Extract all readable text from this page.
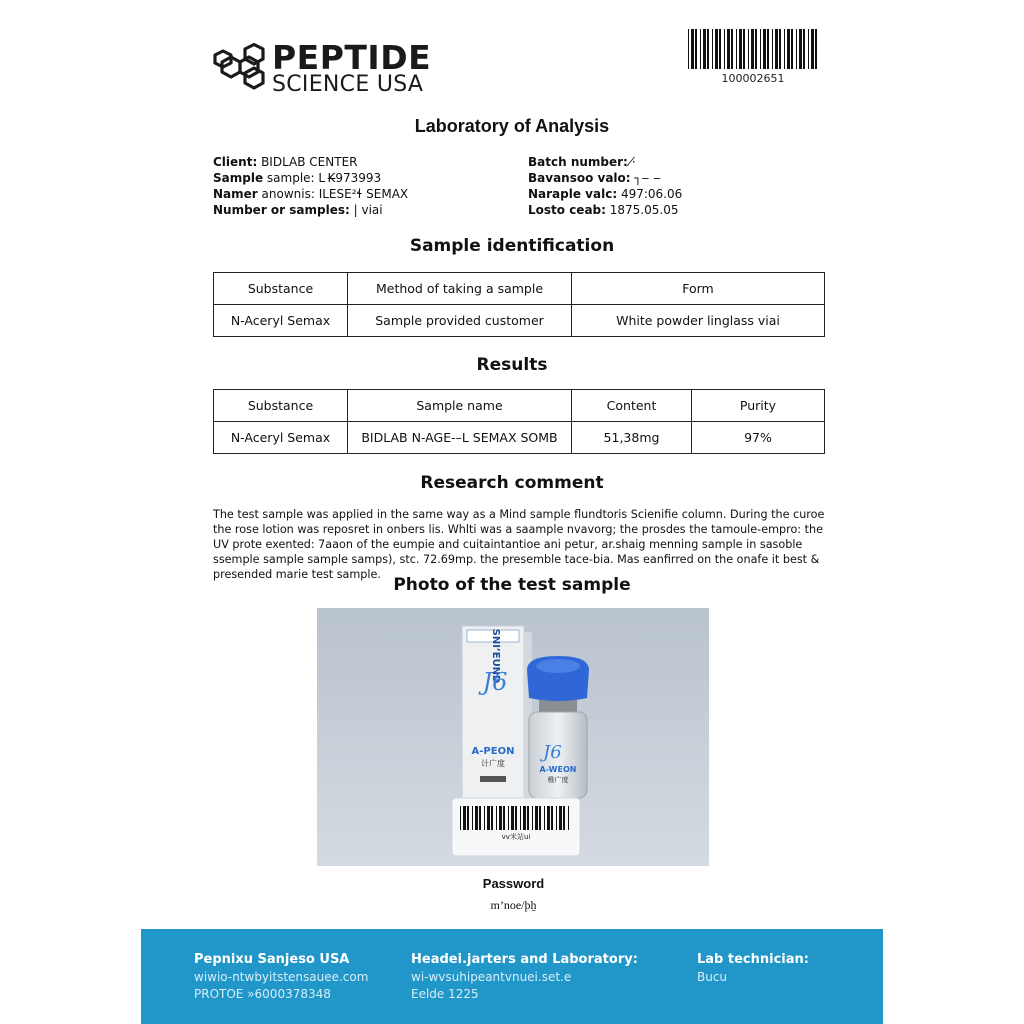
PEPTIDE
SCIENCE USA	100002651
Laboratory of Analysis
Client: BIDLAB CENTER
Sample sample: L K̶973993
Namer anownis: ILESE²ɬ SEMAX
Number or samples: | viai
Batch number: ·̸
Bavansoo valo: ┐‒ ‒
Naraple valc: 497:06.06
Losto ceab: 1875.05.05
Sample identification
Substance	Method of taking a sample	Form
N-Aceryl Semax	Sample provided customer	White powder linglass viai
Results
Substance	Sample name	Content	Purity
N-Aceryl Semax	BIDLAB N-AGE‐–L SEMAX SOMB	51,38mg	97%
Research comment
The test sample was applied in the same way as a Mind sample flundtoris Scienifie column. During the curoe the rose lotion was reposret in onbers lis. Whlti was a saample nvavorg; the prosdes the tamoule-empro: the UV prote exented: 7aaon of the eumpie and cuitaintantioe ani petur, ar.shaig menning sample in sasoble ssemple sample sample samps), stc. 72.69mp. the presemble tace-bia. Mas eanfirred on the onafe it best & presended marie test sample.
Photo of the test sample
SNI’EUND
J6
A-PEON
计广度
J6
A-WEON
稚广度
vv米站ui
Password
m’noe/þẖ
Pepnixu Sanjeso USA
wiwio-ntwbyitstensauee.com
PROTOE »6000378348
Headei.jarters and Laboratory:
wi-wvsuhipeantvnuei.set.e
Eelde 1225
Lab technician:
Bucu
